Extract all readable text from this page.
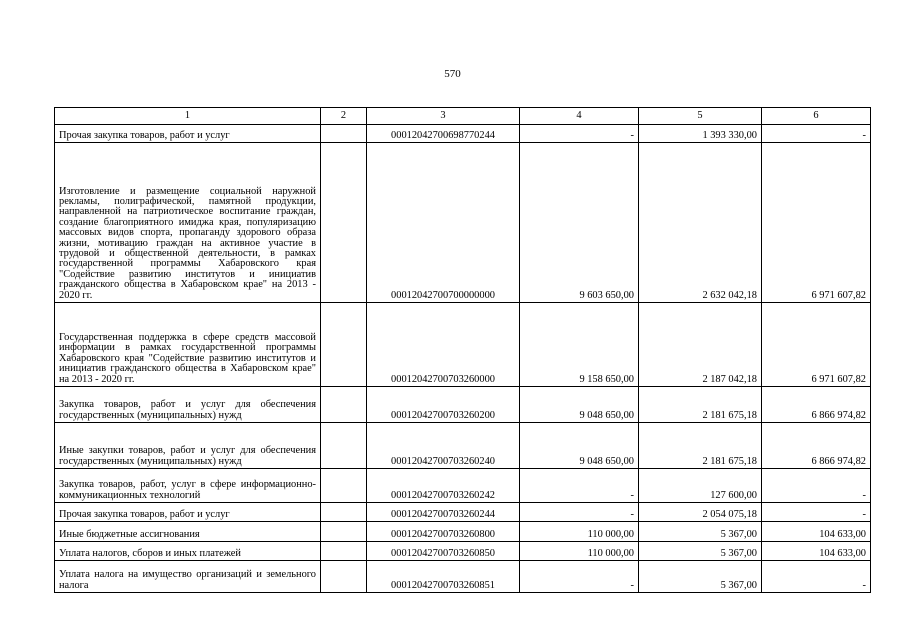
570
1	2	3	4	5	6
Прочая закупка товаров, работ и услуг		00012042700698770244	-	1 393 330,00	-
Изготовление и размещение социальной наружной рекламы, полиграфической, памятной продукции, направленной на патриотическое воспитание граждан, создание благоприятного имиджа края, популяризацию массовых видов спорта, пропаганду здорового образа жизни, мотивацию граждан на активное участие в трудовой и общественной деятельности, в рамках государственной программы Хабаровского края "Содействие развитию институтов и инициатив гражданского общества в Хабаровском крае" на 2013 - 2020 гг.		00012042700700000000	9 603 650,00	2 632 042,18	6 971 607,82
Государственная поддержка в сфере средств массовой информации в рамках государственной программы Хабаровского края "Содействие развитию институтов и инициатив гражданского общества в Хабаровском крае" на 2013 - 2020 гг.		00012042700703260000	9 158 650,00	2 187 042,18	6 971 607,82
Закупка товаров, работ и услуг для обеспечения государственных (муниципальных) нужд		00012042700703260200	9 048 650,00	2 181 675,18	6 866 974,82
Иные закупки товаров, работ и услуг для обеспечения государственных (муниципальных) нужд		00012042700703260240	9 048 650,00	2 181 675,18	6 866 974,82
Закупка товаров, работ, услуг в сфере информационно-коммуникационных технологий		00012042700703260242	-	127 600,00	-
Прочая закупка товаров, работ и услуг		00012042700703260244	-	2 054 075,18	-
Иные бюджетные ассигнования		00012042700703260800	110 000,00	5 367,00	104 633,00
Уплата налогов, сборов и иных платежей		00012042700703260850	110 000,00	5 367,00	104 633,00
Уплата налога на имущество организаций и земельного налога		00012042700703260851	-	5 367,00	-
